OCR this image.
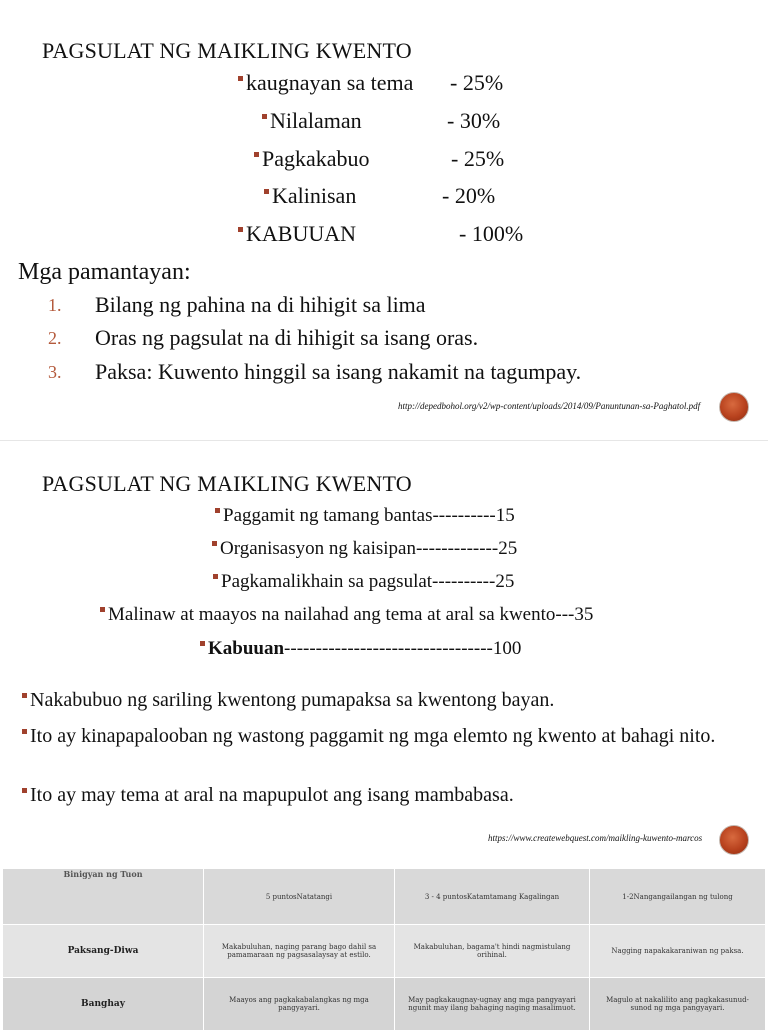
PAGSULAT NG MAIKLING KWENTO
kaugnayan sa tema - 25%
Nilalaman	- 30%
Pagkakabuo	- 25%
Kalinisan	- 20%
KABUUAN	- 100%
Mga pamantayan:
1. Bilang ng pahina na di hihigit sa lima
2. Oras ng pagsulat na di hihigit sa isang oras.
3. Paksa: Kuwento hinggil sa isang nakamit na tagumpay.
http://depedbohol.org/v2/wp-content/uploads/2014/09/Panuntunan-sa-Paghatol.pdf
PAGSULAT NG MAIKLING KWENTO
Paggamit ng tamang bantas----------15
Organisasyon ng kaisipan-------------25
Pagkamalikhain sa pagsulat----------25
Malinaw at maayos na nailahad ang tema at aral sa kwento---35
Kabuuan---------------------------------100
Nakabubuo ng sariling kwentong pumapaksa sa kwentong bayan.
Ito ay kinapapalooban ng wastong paggamit ng mga elemto ng kwento at bahagi nito.
Ito ay may tema at aral na mapupulot ang isang mambabasa.
https://www.createwebquest.com/maikling-kuwento-marcos
Binigyan ng Tuon	5 puntosNatatangi	3 - 4 puntosKatamtamang Kagalingan	1-2Nangangailangan ng tulong
Paksang-Diwa	Makabuluhan, naging parang bago dahil sa pamamaraan ng pagsasalaysay at estilo.	Makabuluhan, bagama't hindi nagmistulang orihinal.	Nagging napakakaraniwan ng paksa.
Banghay	Maayos ang pagkakabalangkas ng mga pangyayari.	May pagkakaugnay-ugnay ang mga pangyayari ngunit may ilang bahaging naging masalimuot.	Magulo at nakalilito ang pagkakasunud-sunod ng mga pangyayari.
